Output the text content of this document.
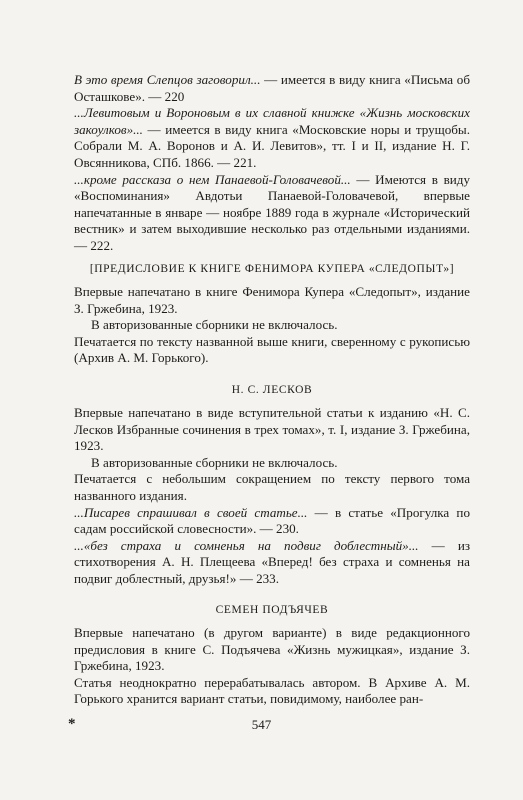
В это время Слепцов заговорил... — имеется в виду книга «Письма об Осташкове». — 220

...Левитовым и Вороновым в их славной книжке «Жизнь московских закоулков»... — имеется в виду книга «Московские норы и трущобы. Собрали М. А. Воронов и А. И. Левитов», тт. I и II, издание Н. Г. Овсянникова, СПб. 1866. — 221.

...кроме рассказа о нем Панаевой-Головачевой... — Имеются в виду «Воспоминания» Авдотьи Панаевой-Головачевой, впервые напечатанные в январе — ноябре 1889 года в журнале «Исторический вестник» и затем выходившие несколько раз отдельными изданиями. — 222.

[ПРЕДИСЛОВИЕ К КНИГЕ ФЕНИМОРА КУПЕРА «СЛЕДОПЫТ»]

Впервые напечатано в книге Фенимора Купера «Следопыт», издание З. Гржебина, 1923.

В авторизованные сборники не включалось.

Печатается по тексту названной выше книги, сверенному с рукописью (Архив А. М. Горького).

Н. С. ЛЕСКОВ

Впервые напечатано в виде вступительной статьи к изданию «Н. С. Лесков Избранные сочинения в трех томах», т. I, издание З. Гржебина, 1923.

В авторизованные сборники не включалось.

Печатается с небольшим сокращением по тексту первого тома названного издания.

...Писарев спрашивал в своей статье... — в статье «Прогулка по садам российской словесности». — 230.

...«без страха и сомненья на подвиг доблестный»... — из стихотворения А. Н. Плещеева «Вперед! без страха и сомненья на подвиг доблестный, друзья!» — 233.

СЕМЕН ПОДЪЯЧЕВ

Впервые напечатано (в другом варианте) в виде редакционного предисловия в книге С. Подъячева «Жизнь мужицкая», издание З. Гржебина, 1923.

Статья неоднократно перерабатывалась автором. В Архиве А. М. Горького хранится вариант статьи, повидимому, наиболее ран-

*	547
